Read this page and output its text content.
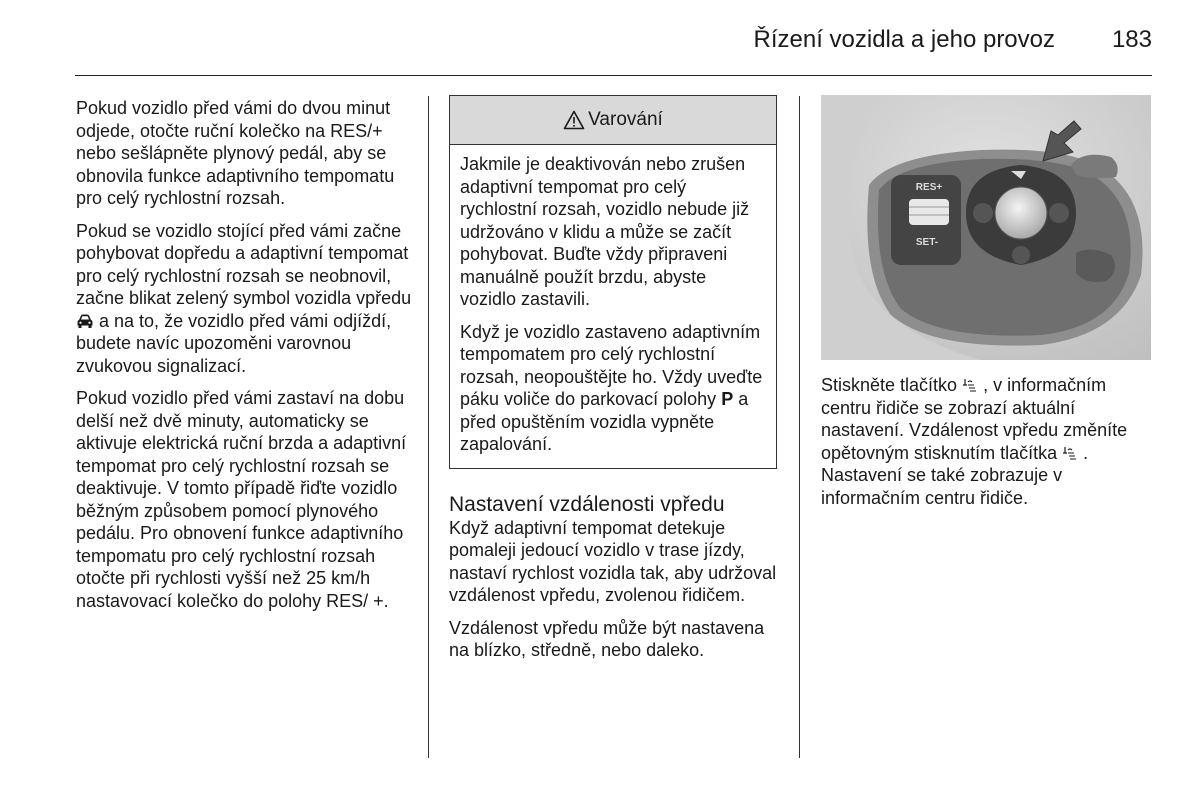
Řízení vozidla a jeho provoz 183

Pokud vozidlo před vámi do dvou minut odjede, otočte ruční kolečko na RES/+ nebo sešlápněte plynový pedál, aby se obnovila funkce adaptivního tempomatu pro celý rychlostní rozsah.

Pokud se vozidlo stojící před vámi začne pohybovat dopředu a adaptivní tempomat pro celý rychlostní rozsah se neobnovil, začne blikat zelený symbol vozidla vpředu  a na to, že vozidlo před vámi odjíždí, budete navíc upozoměni varovnou zvukovou signalizací.

Pokud vozidlo před vámi zastaví na dobu delší než dvě minuty, automaticky se aktivuje elektrická ruční brzda a adaptivní tempomat pro celý rychlostní rozsah se deaktivuje. V tomto případě řiďte vozidlo běžným způsobem pomocí plynového pedálu. Pro obnovení funkce adaptivního tempomatu pro celý rychlostní rozsah otočte při rychlosti vyšší než 25 km/h nastavovací kolečko do polohy RES/ +.

Varování

Jakmile je deaktivován nebo zrušen adaptivní tempomat pro celý rychlostní rozsah, vozidlo nebude již udržováno v klidu a může se začít pohybovat. Buďte vždy připraveni manuálně použít brzdu, abyste vozidlo zastavili.

Když je vozidlo zastaveno adaptivním tempomatem pro celý rychlostní rozsah, neopouštějte ho. Vždy uveďte páku voliče do parkovací polohy P a před opuštěním vozidla vypněte zapalování.

Nastavení vzdálenosti vpředu

Když adaptivní tempomat detekuje pomaleji jedoucí vozidlo v trase jízdy, nastaví rychlost vozidla tak, aby udržoval vzdálenost vpředu, zvolenou řidičem.

Vzdálenost vpředu může být nastavena na blízko, středně, nebo daleko.

RES+
SET-

Stiskněte tlačítko , v informačním centru řidiče se zobrazí aktuální nastavení. Vzdálenost vpředu změníte opětovným stisknutím tlačítka . Nastavení se také zobrazuje v informačním centru řidiče.
